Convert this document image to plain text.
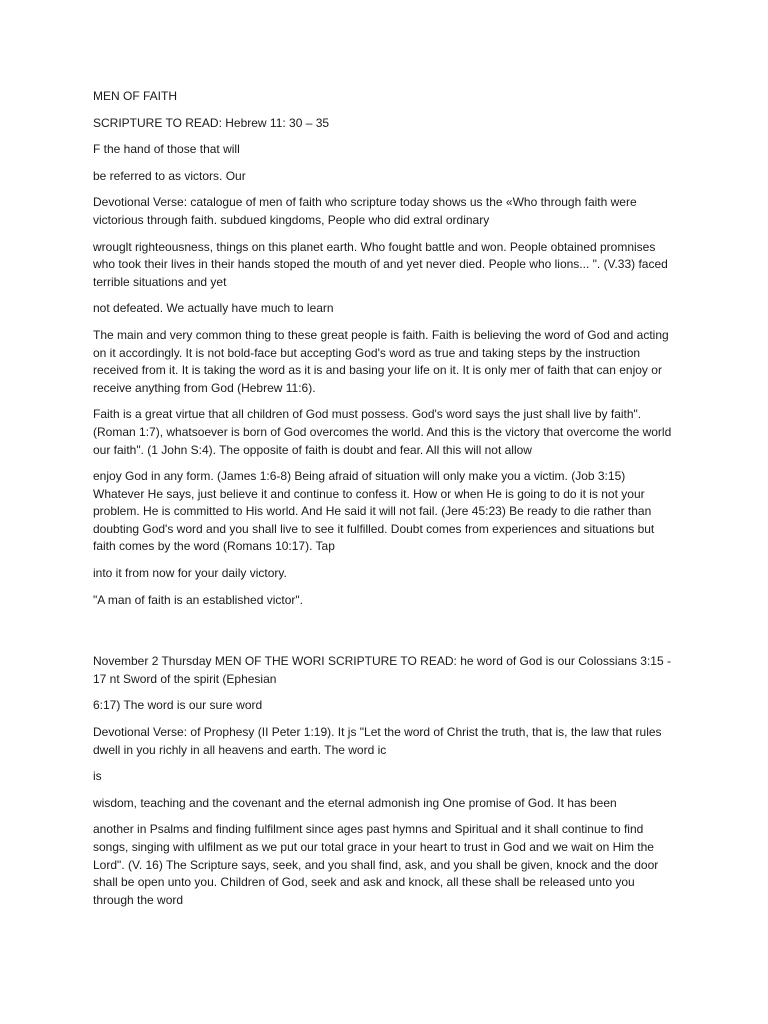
MEN OF FAITH

SCRIPTURE TO READ: Hebrew 11: 30 – 35

F the hand of those that will

be referred to as victors. Our

Devotional Verse: catalogue of men of faith who scripture today shows us the «Who through faith were victorious through faith. subdued kingdoms, People who did extral ordinary

wrouglt righteousness, things on this planet earth. Who fought battle and won. People obtained promnises who took their lives in their hands stoped the mouth of and yet never died. People who lions... ". (V.33) faced terrible situations and yet

not defeated. We actually have much to learn

The main and very common thing to these great people is faith. Faith is believing the word of God and acting on it accordingly. It is not bold-face but accepting God's word as true and taking steps by the instruction received from it. It is taking the word as it is and basing your life on it. It is only mer of faith that can enjoy or receive anything from God (Hebrew 11:6).

Faith is a great virtue that all children of God must possess. God's word says the just shall live by faith". (Roman 1:7), whatsoever is born of God overcomes the world. And this is the victory that overcome the world our faith". (1 John S:4). The opposite of faith is doubt and fear. All this will not allow

enjoy God in any form. (James 1:6-8) Being afraid of situation will only make you a victim. (Job 3:15) Whatever He says, just believe it and continue to confess it. How or when He is going to do it is not your problem. He is committed to His world. And He said it will not fail. (Jere 45:23) Be ready to die rather than doubting God's word and you shall live to see it fulfilled. Doubt comes from experiences and situations but faith comes by the word (Romans 10:17). Tap

into it from now for your daily victory.

"A man of faith is an established victor".

November 2 Thursday MEN OF THE WORI SCRIPTURE TO READ: he word of God is our Colossians 3:15 - 17 nt Sword of the spirit (Ephesian

6:17) The word is our sure word

Devotional Verse: of Prophesy (II Peter 1:19). It js "Let the word of Christ the truth, that is, the law that rules dwell in you richly in all heavens and earth. The word ic

is

wisdom, teaching and the covenant and the eternal admonish ing One promise of God. It has been

another in Psalms and finding fulfilment since ages past hymns and Spiritual and it shall continue to find songs, singing with ulfilment as we put our total grace in your heart to trust in God and we wait on Him the Lord". (V. 16) The Scripture says, seek, and you shall find, ask, and you shall be given, knock and the door shall be open unto you. Children of God, seek and ask and knock, all these shall be released unto you through the word
